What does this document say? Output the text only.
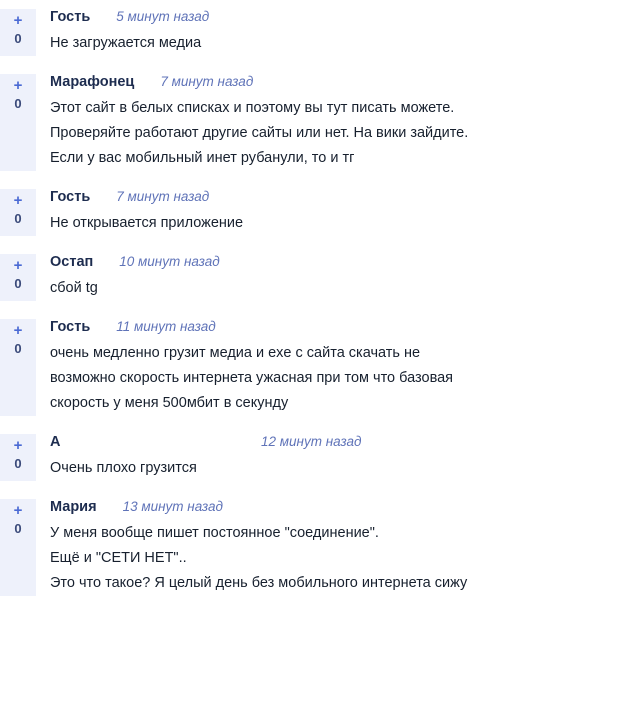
+
0
Гость 5 минут назад
Не загружается медиа
+
0
Марафонец 7 минут назад
Этот сайт в белых списках и поэтому вы тут писать можете.
Проверяйте работают другие сайты или нет. На вики зайдите.
Если у вас мобильный инет рубанули, то и тг
+
0
Гость 7 минут назад
Не открывается приложение
+
0
Остап 10 минут назад
сбой tg
+
0
Гость 11 минут назад
очень медленно грузит медиа и exe с сайта скачать не
возможно скорость интернета ужасная при том что базовая
скорость у меня 500мбит в секунду
+
0
А	12 минут назад
Очень плохо грузится
+
0
Мария 13 минут назад
У меня вообще пишет постоянное "соединение".
Ещё и "СЕТИ НЕТ"..
Это что такое? Я целый день без мобильного интернета сижу
